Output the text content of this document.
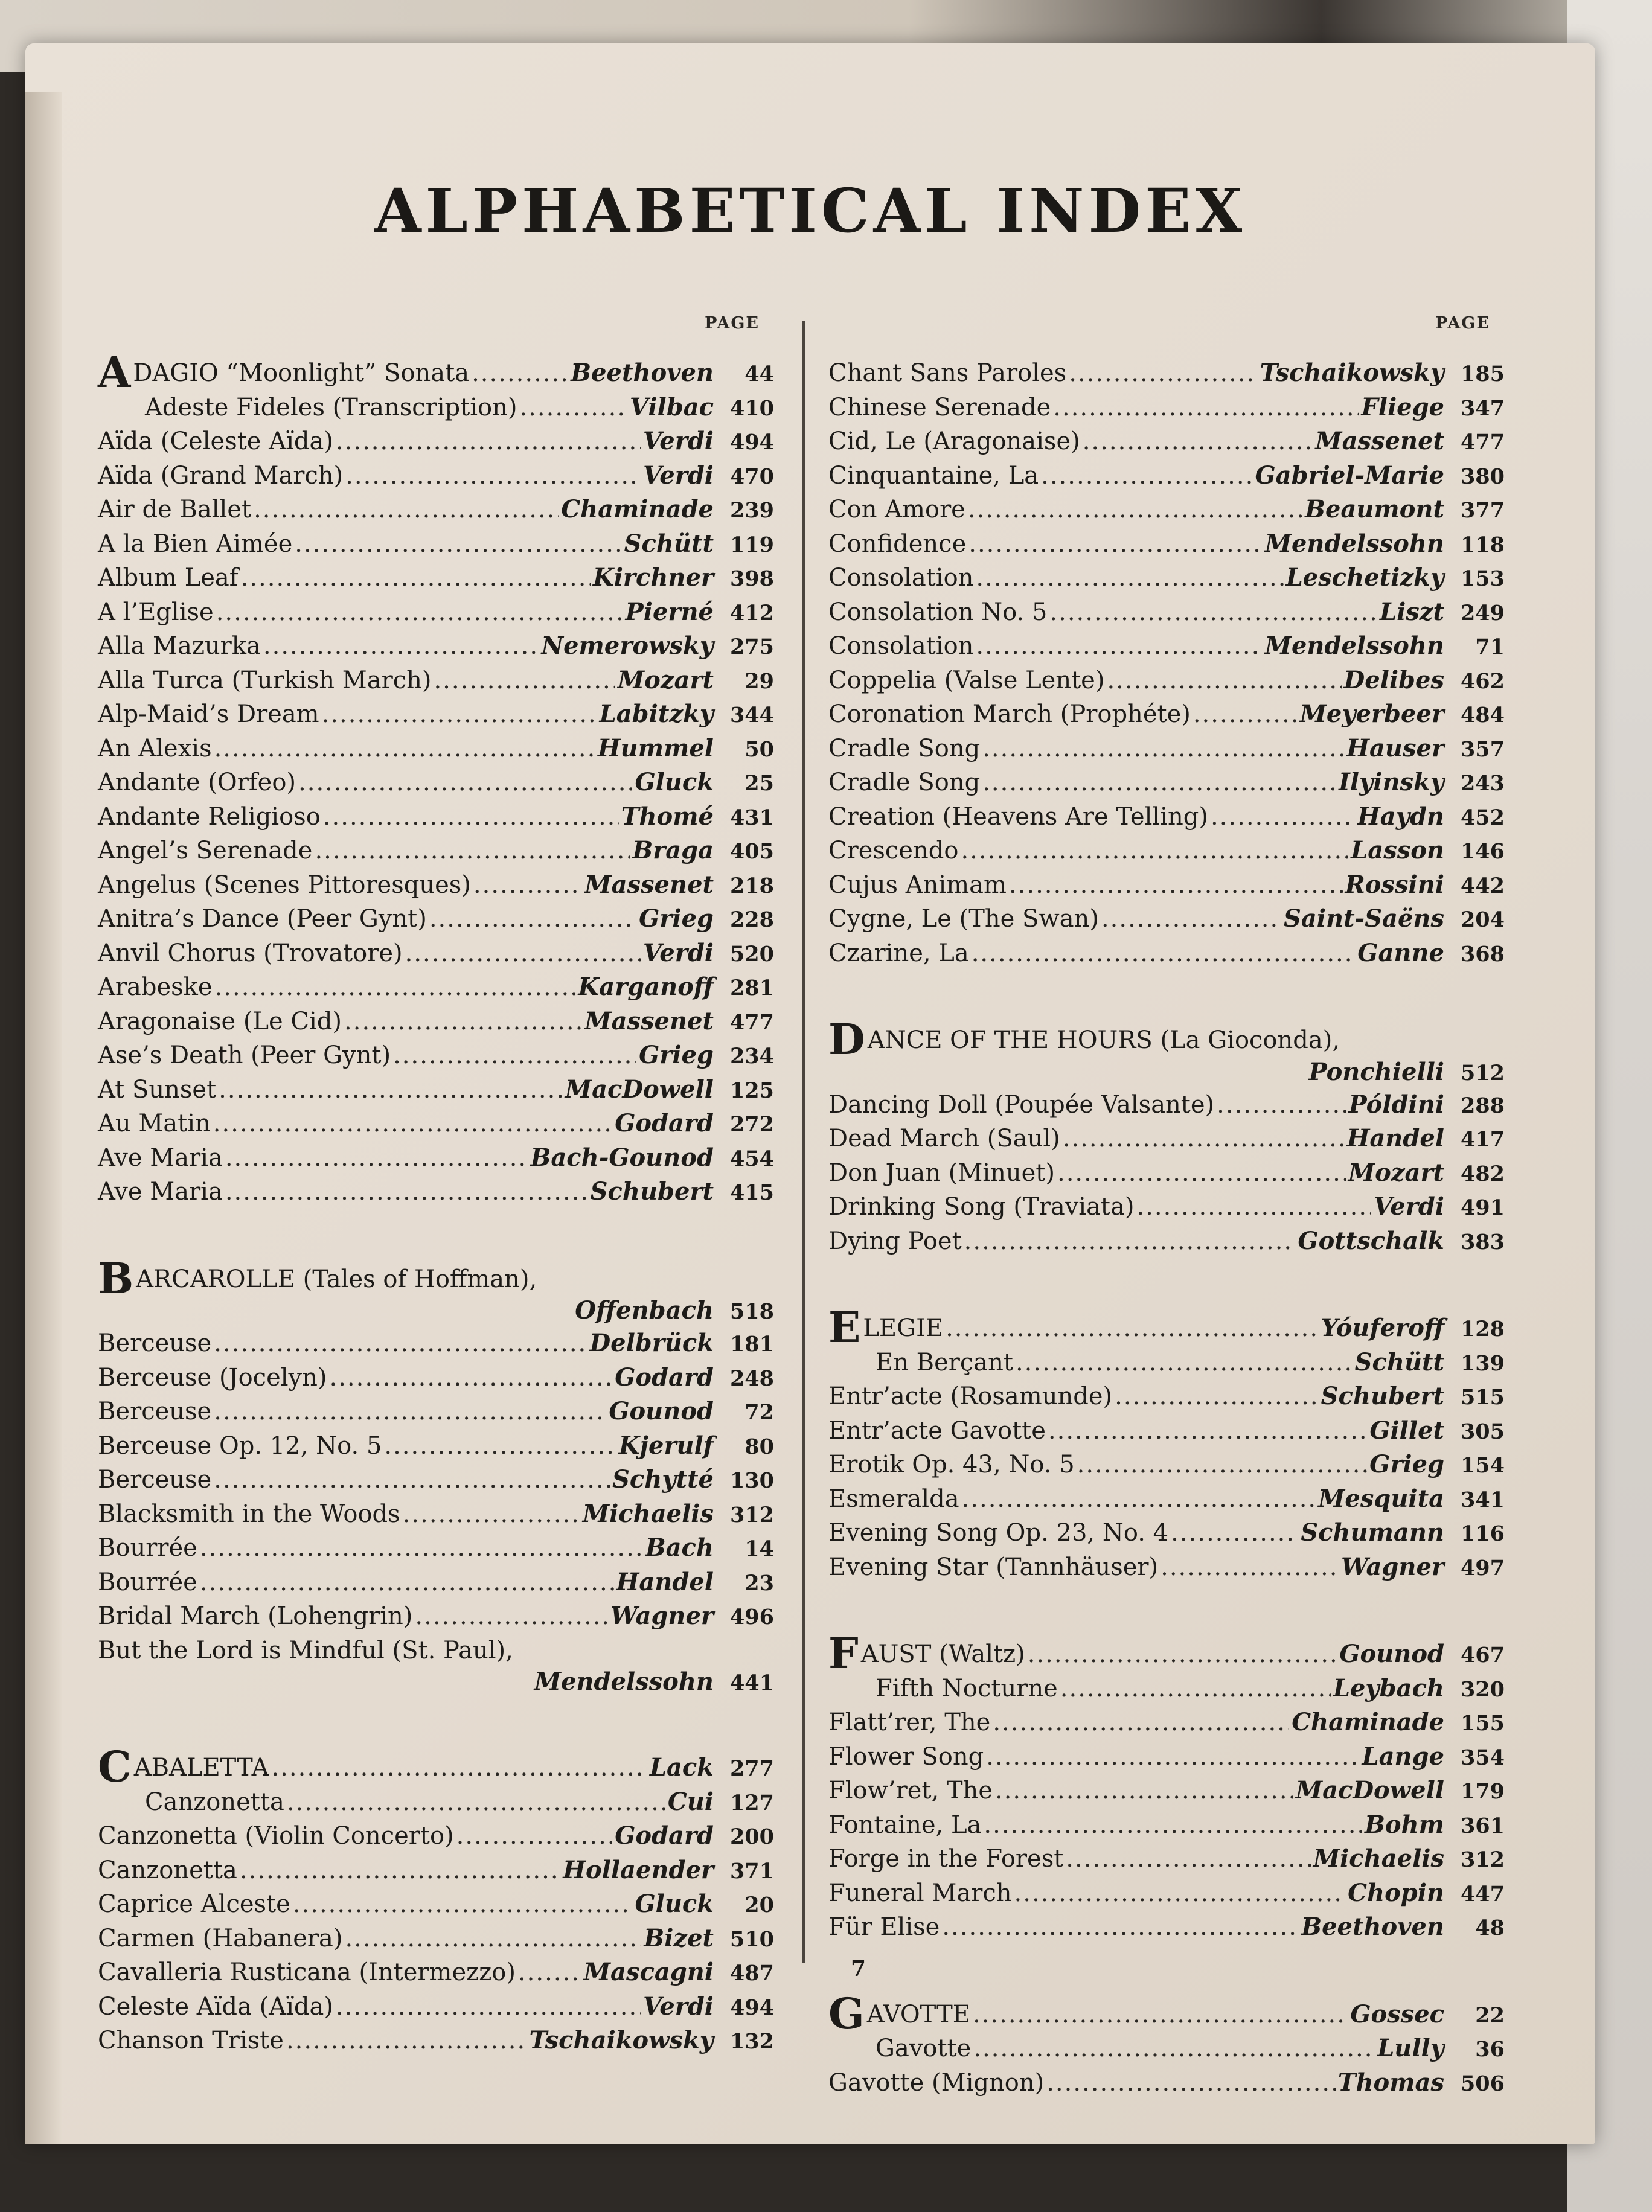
ALPHABETICAL INDEX
PAGE
ADAGIO “Moonlight” Sonata .....	Beethoven	44
Adeste Fideles (Transcription) .....	Vilbac 410
Aïda (Celeste Aïda) .....	Verdi 494
Aïda (Grand March) .....	Verdi 470
Air de Ballet .....	Chaminade 239
A la Bien Aimée .....	Schütt 119
Album Leaf .....	Kirchner 398
A l’Eglise .....	Pierné 412
Alla Mazurka .....	Nemerowsky 275
Alla Turca (Turkish March) .....	Mozart	29
Alp-Maid’s Dream .....	Labitzky 344
An Alexis .....	Hummel	50
Andante (Orfeo) .....	Gluck	25
Andante Religioso .....	Thomé 431
Angel’s Serenade .....	Braga 405
Angelus (Scenes Pittoresques) .....	Massenet 218
Anitra’s Dance (Peer Gynt) .....	Grieg 228
Anvil Chorus (Trovatore) .....	Verdi 520
Arabeske .....	Karganoff 281
Aragonaise (Le Cid) .....	Massenet 477
Ase’s Death (Peer Gynt) .....	Grieg 234
At Sunset .....	MacDowell 125
Au Matin .....	Godard 272
Ave Maria .....	Bach-Gounod 454
Ave Maria .....	Schubert 415
BARCAROLLE (Tales of Hoffman),
Offenbach 518
Berceuse .....	Delbrück 181
Berceuse (Jocelyn) .....	Godard 248
Berceuse .....	Gounod	72
Berceuse Op. 12, No. 5 .....	Kjerulf	80
Berceuse .....	Schytté 130
Blacksmith in the Woods .....	Michaelis 312
Bourrée .....	Bach	14
Bourrée .....	Handel	23
Bridal March (Lohengrin) .....	Wagner 496
But the Lord is Mindful (St. Paul),
Mendelssohn 441
CABALETTA .....	Lack 277
Canzonetta .....	Cui 127
Canzonetta (Violin Concerto) .....	Godard 200
Canzonetta .....	Hollaender 371
Caprice Alceste .....	Gluck	20
Carmen (Habanera) .....	Bizet 510
Cavalleria Rusticana (Intermezzo) .....	Mascagni 487
Celeste Aïda (Aïda) .....	Verdi 494
Chanson Triste .....	Tschaikowsky 132
PAGE
Chant Sans Paroles .....	Tschaikowsky 185
Chinese Serenade .....	Fliege 347
Cid, Le (Aragonaise) .....	Massenet 477
Cinquantaine, La .....	Gabriel-Marie 380
Con Amore .....	Beaumont 377
Confidence .....	Mendelssohn 118
Consolation .....	Leschetizky 153
Consolation No. 5 .....	Liszt 249
Consolation .....	Mendelssohn	71
Coppelia (Valse Lente) .....	Delibes 462
Coronation March (Prophéte) .....	Meyerbeer 484
Cradle Song .....	Hauser 357
Cradle Song .....	Ilyinsky 243
Creation (Heavens Are Telling) .....	Haydn 452
Crescendo .....	Lasson 146
Cujus Animam .....	Rossini 442
Cygne, Le (The Swan) .....	Saint-Saëns 204
Czarine, La .....	Ganne 368
DANCE OF THE HOURS (La Gioconda),
Ponchielli 512
Dancing Doll (Poupée Valsante) .....	Póldini 288
Dead March (Saul) .....	Handel 417
Don Juan (Minuet) .....	Mozart 482
Drinking Song (Traviata) .....	Verdi 491
Dying Poet .....	Gottschalk 383
ELEGIE .....	Yóuferoff 128
En Berçant .....	Schütt 139
Entr’acte (Rosamunde) .....	Schubert 515
Entr’acte Gavotte .....	Gillet 305
Erotik Op. 43, No. 5 .....	Grieg 154
Esmeralda .....	Mesquita 341
Evening Song Op. 23, No. 4 .....	Schumann 116
Evening Star (Tannhäuser) .....	Wagner 497
FAUST (Waltz) .....	Gounod 467
Fifth Nocturne .....	Leybach 320
Flatt’rer, The .....	Chaminade 155
Flower Song .....	Lange 354
Flow’ret, The .....	MacDowell 179
Fontaine, La .....	Bohm 361
Forge in the Forest .....	Michaelis 312
Funeral March .....	Chopin 447
Für Elise .....	Beethoven	48
GAVOTTE .....	Gossec	22
Gavotte .....	Lully	36
Gavotte (Mignon) .....	Thomas 506
7
